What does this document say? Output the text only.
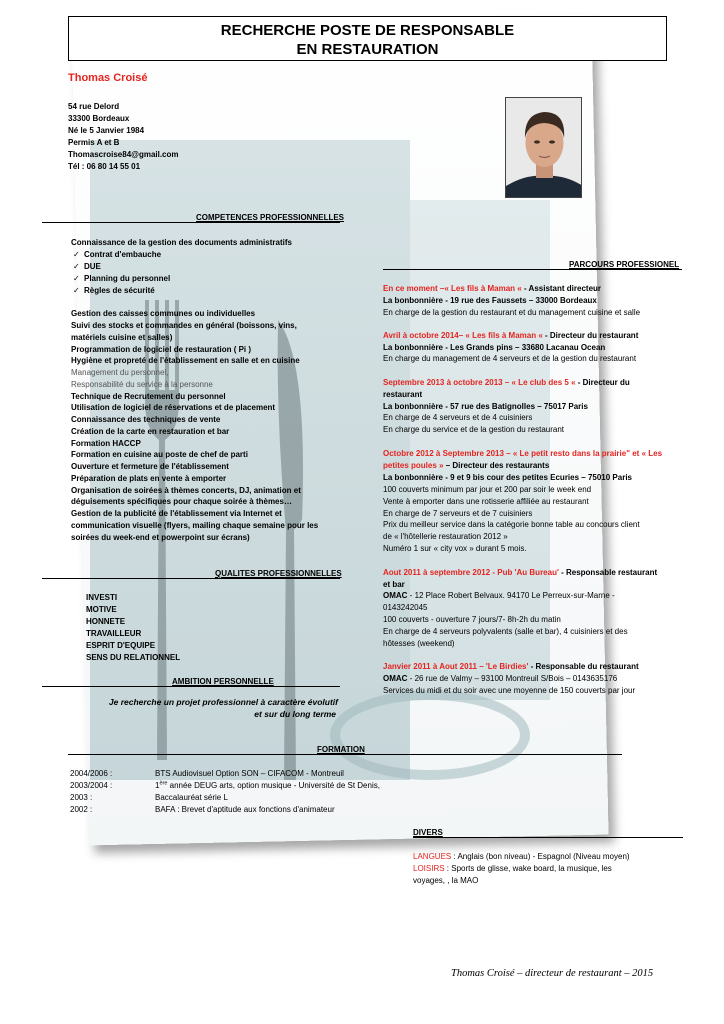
RECHERCHE POSTE DE RESPONSABLE
EN RESTAURATION
Thomas Croisé
54 rue Delord
33300 Bordeaux
Né le 5 Janvier 1984
Permis A et B
Thomascroise84@gmail.com
Tél : 06 80 14 55 01
COMPETENCES PROFESSIONNELLES
Connaissance de la gestion des documents administratifs
✓ Contrat d'embauche
✓ DUE
✓ Planning du personnel
✓ Règles de sécurité
Gestion des caisses communes ou individuelles
Suivi des stocks et commandes en général (boissons, vins,
matériels cuisine et salles)
Programmation de logiciel de restauration ( Pi )
Hygiène et propreté de l'établissement en salle et en cuisine
Management du personnel,
Responsabilité du service à la personne
Technique de Recrutement du personnel
Utilisation de logiciel de réservations et de placement
Connaissance des techniques de vente
Création de la carte en restauration et bar
Formation HACCP
Formation en cuisine au poste de chef de parti
Ouverture et fermeture de l'établissement
Préparation de plats en vente à emporter
Organisation de soirées à thèmes concerts, DJ, animation et
déguisements spécifiques pour chaque soirée à thèmes…
Gestion de la publicité de l'établissement via Internet et
communication visuelle (flyers, mailing chaque semaine pour les
soirées du week-end et powerpoint sur écrans)
QUALITES PROFESSIONNELLES
INVESTI
MOTIVE
HONNETE
TRAVAILLEUR
ESPRIT D'EQUIPE
SENS DU RELATIONNEL
AMBITION PERSONNELLE
Je recherche un projet professionnel à caractère évolutif
et sur du long terme
PARCOURS PROFESSIONEL
En ce moment –« Les fils à Maman « - Assistant directeur
La bonbonnière - 19 rue des Faussets – 33000 Bordeaux
En charge de la gestion du restaurant et du management cuisine et salle
Avril à octobre 2014– « Les fils à Maman « - Directeur du restaurant
La bonbonnière - Les Grands pins – 33680 Lacanau Ocean
En charge du management de 4 serveurs et de la gestion du restaurant
Septembre 2013 à octobre 2013 – « Le club des 5 « - Directeur du
restaurant
La bonbonnière - 57 rue des Batignolles – 75017 Paris
En charge de 4 serveurs et de 4 cuisiniers
En charge du service et de la gestion du restaurant
Octobre 2012 à Septembre 2013 – « Le petit resto dans la prairie" et « Les
petites poules » – Directeur des restaurants
La bonbonnière - 9 et 9 bis cour des petites Ecuries – 75010 Paris
100 couverts minimum par jour et 200 par soir le week end
Vente à emporter dans une rotisserie affiliée au restaurant
En charge de 7 serveurs et de 7 cuisiniers
Prix du meilleur service dans la catégorie bonne table au concours client
de « l'hôtellerie restauration 2012 »
Numéro 1 sur « city vox » durant 5 mois.
Aout 2011 à septembre 2012 - Pub 'Au Bureau' - Responsable restaurant
et bar
OMAC - 12 Place Robert Belvaux. 94170 Le Perreux-sur-Marne -
0143242045
100 couverts - ouverture 7 jours/7- 8h-2h du matin
En charge de 4 serveurs polyvalents (salle et bar), 4 cuisiniers et des
hôtesses (weekend)
Janvier 2011 à Aout 2011 – 'Le Birdies' - Responsable du restaurant
OMAC - 26 rue de Valmy – 93100 Montreuil S/Bois – 0143635176
Services du midi et du soir avec une moyenne de 150 couverts par jour
FORMATION
2004/2006 :	BTS Audiovisuel Option SON – CIFACOM - Montreuil
2003/2004 :	1ère année DEUG arts, option musique - Université de St Denis,
2003 :	Baccalauréat série L
2002 :	BAFA : Brevet d'aptitude aux fonctions d'animateur
DIVERS
LANGUES : Anglais (bon niveau) - Espagnol (Niveau moyen)
LOISIRS : Sports de glisse, wake board, la musique, les
voyages, , la MAO
Thomas Croisé – directeur de restaurant – 2015
